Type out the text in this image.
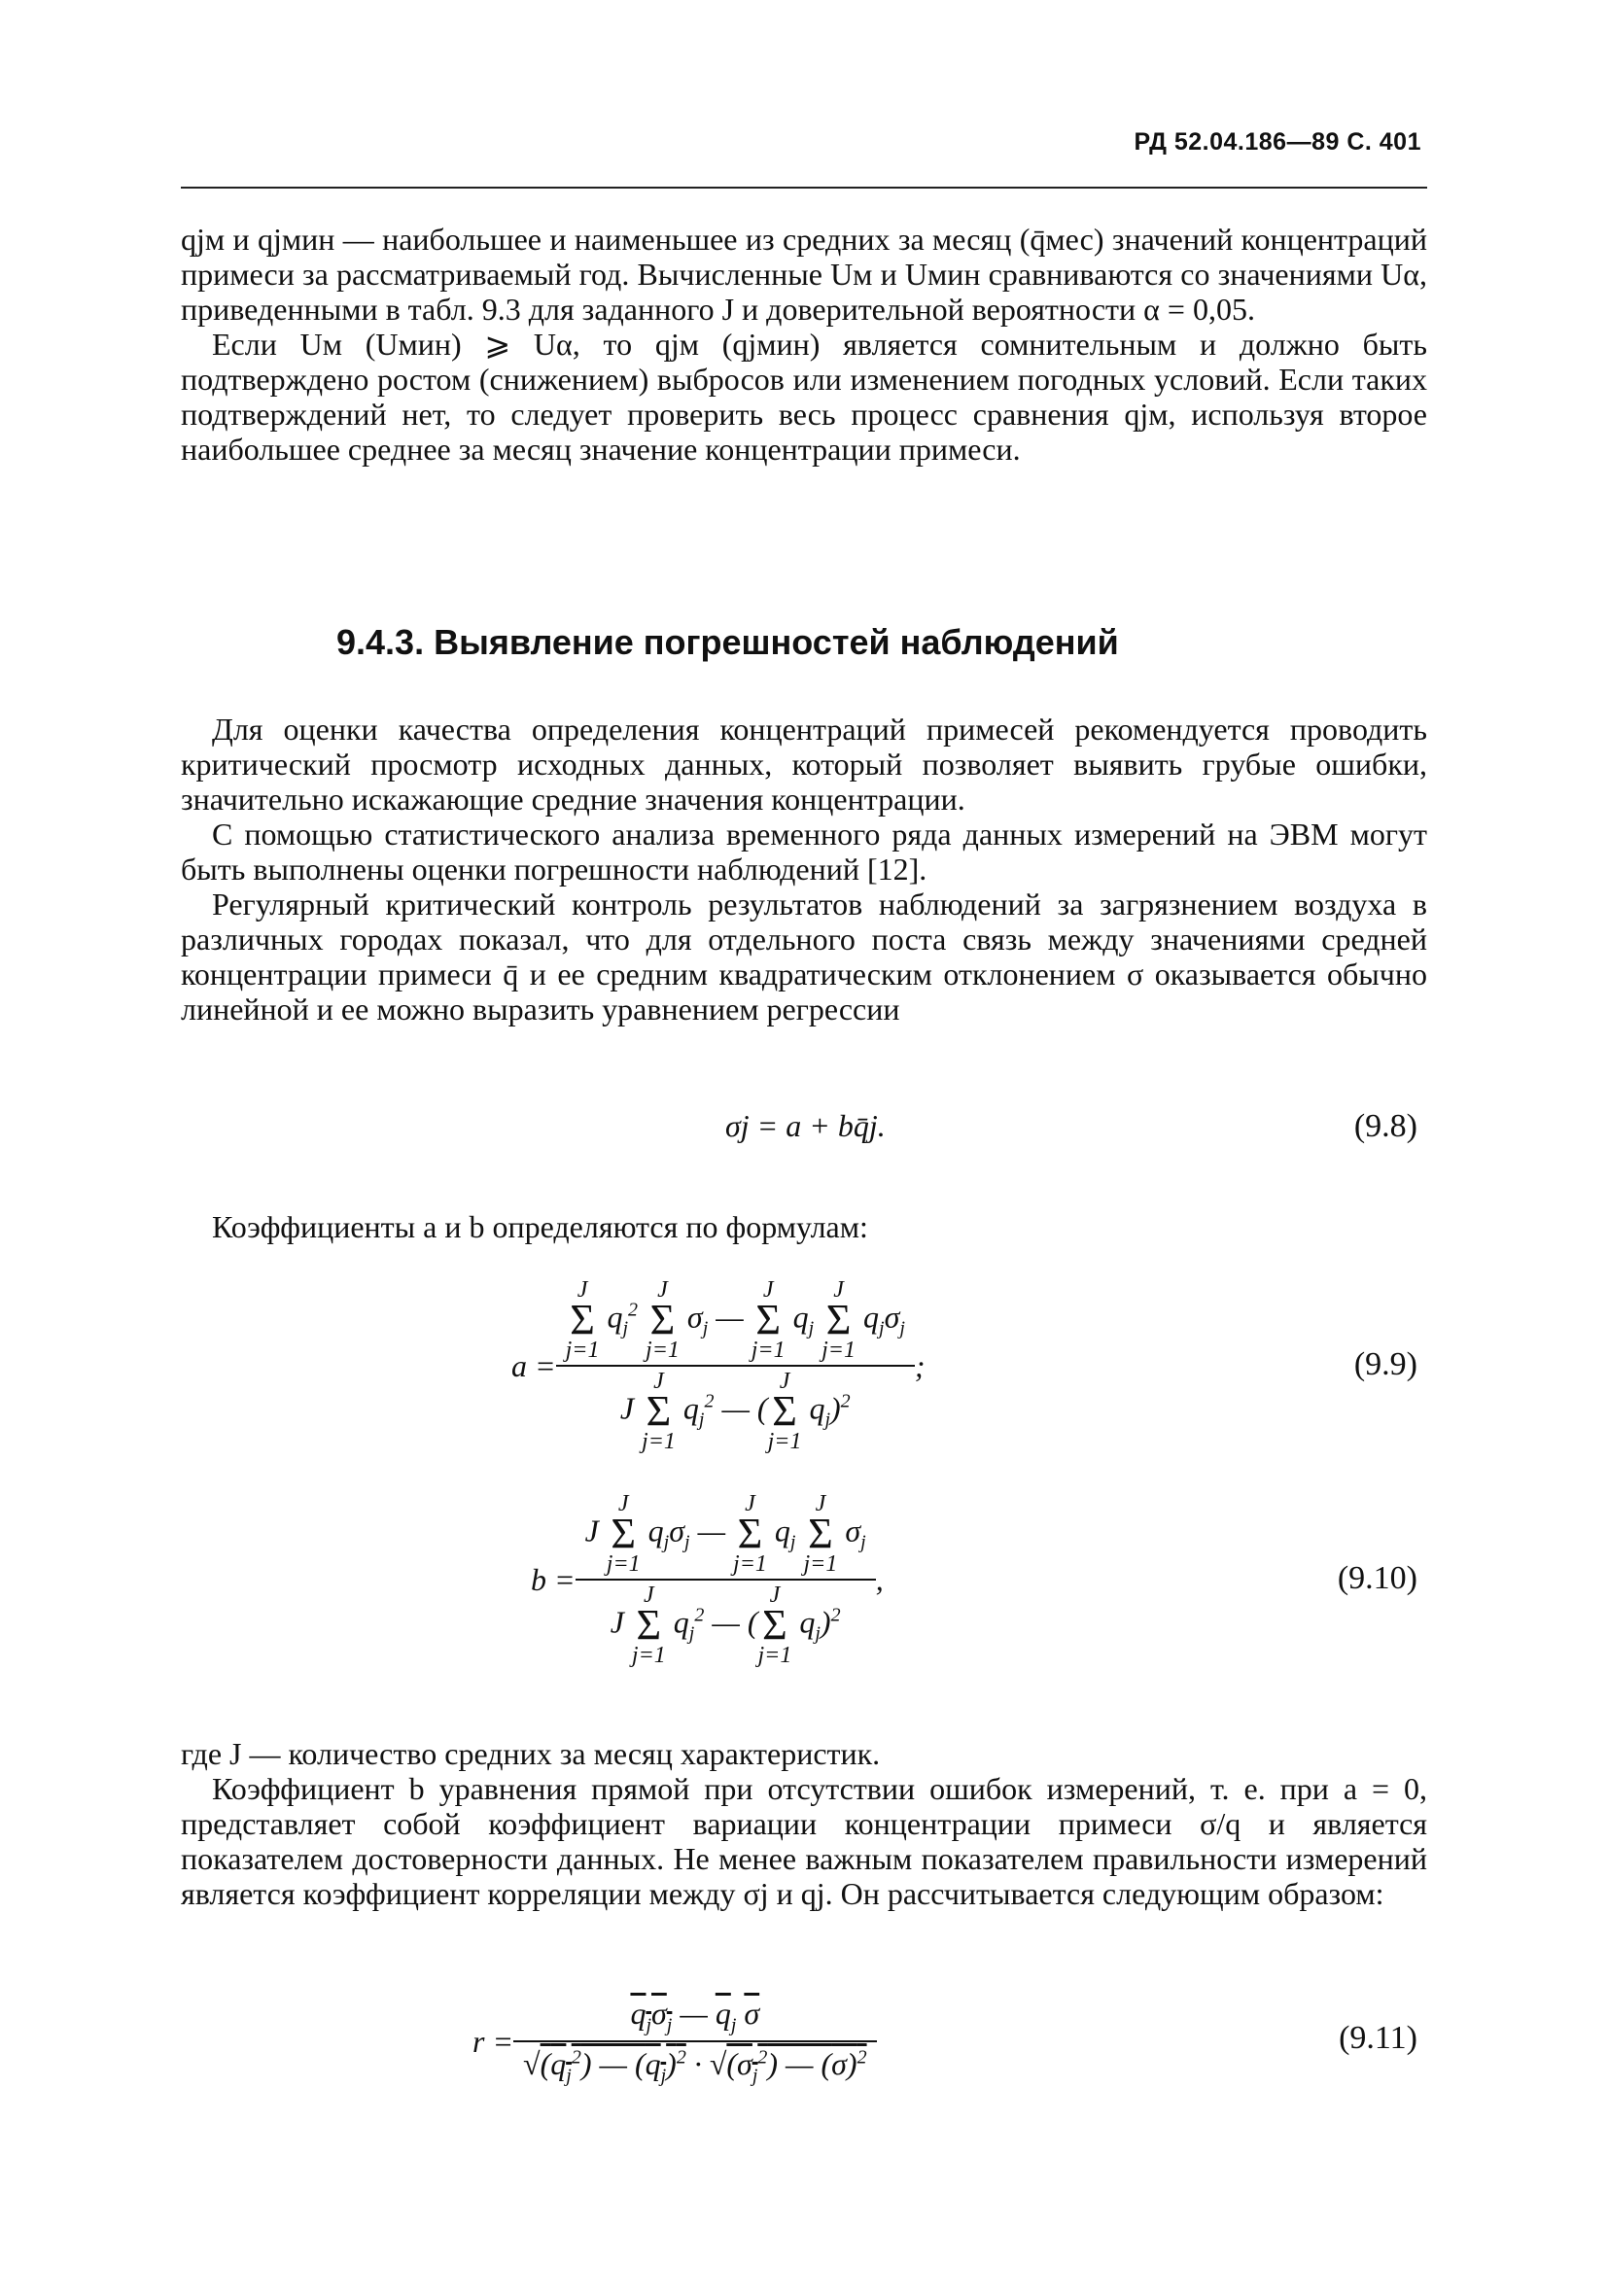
РД 52.04.186—89 С. 401

qjм и qjмин — наибольшее и наименьшее из средних за месяц (q̄мес) значений концентраций примеси за рассматриваемый год. Вычисленные Uм и Uмин сравниваются со значениями Uα, приведенными в табл. 9.3 для заданного J и доверительной вероятности α = 0,05.

Если Uм (Uмин) ⩾ Uα, то qjм (qjмин) является сомнительным и должно быть подтверждено ростом (снижением) выбросов или изменением погодных условий. Если таких подтверждений нет, то следует проверить весь процесс сравнения qjм, используя второе наибольшее среднее за месяц значение концентрации примеси.

9.4.3. Выявление погрешностей наблюдений

Для оценки качества определения концентраций примесей рекомендуется проводить критический просмотр исходных данных, который позволяет выявить грубые ошибки, значительно искажающие средние значения концентрации.

С помощью статистического анализа временного ряда данных измерений на ЭВМ могут быть выполнены оценки погрешности наблюдений [12].

Регулярный критический контроль результатов наблюдений за загрязнением воздуха в различных городах показал, что для отдельного поста связь между значениями средней концентрации примеси q̄ и ее средним квадратическим отклонением σ оказывается обычно линейной и ее можно выразить уравнением регрессии

σj = a + bq̄j.	(9.8)

Коэффициенты a и b определяются по формулам:

a =
J
Σ
j=1
$q_j^2$
J
Σ
j=1
$\sigma_j$ —
J
Σ
j=1
$q_j$
J
Σ
j=1
$q_j\sigma_j$
J
J
Σ
j=1
$q_j^2$ — (
J
Σ
j=1
$q_j)^2$
;	(9.9)
b =
J
J
Σ
j=1
$q_j\sigma_j$ —
J
Σ
j=1
$q_j$
J
Σ
j=1
$\sigma_j$
J
J
Σ
j=1
$q_j^2$ — (
J
Σ
j=1
$q_j)^2$
,	(9.10)

где J — количество средних за месяц характеристик.

Коэффициент b уравнения прямой при отсутствии ошибок измерений, т. е. при a = 0, представляет собой коэффициент вариации концентрации примеси σ/q и является показателем достоверности данных. Не менее важным показателем правильности измерений является коэффициент корреляции между σj и qj. Он рассчитывается следующим образом:

$r = \frac{q_j\sigma_j — \overline{q}_j \overline{\sigma}}{√(q_j^2) — (q_j)^2 \cdot √(\sigma_j^2) — (\sigma)^2}$	(9.11)
